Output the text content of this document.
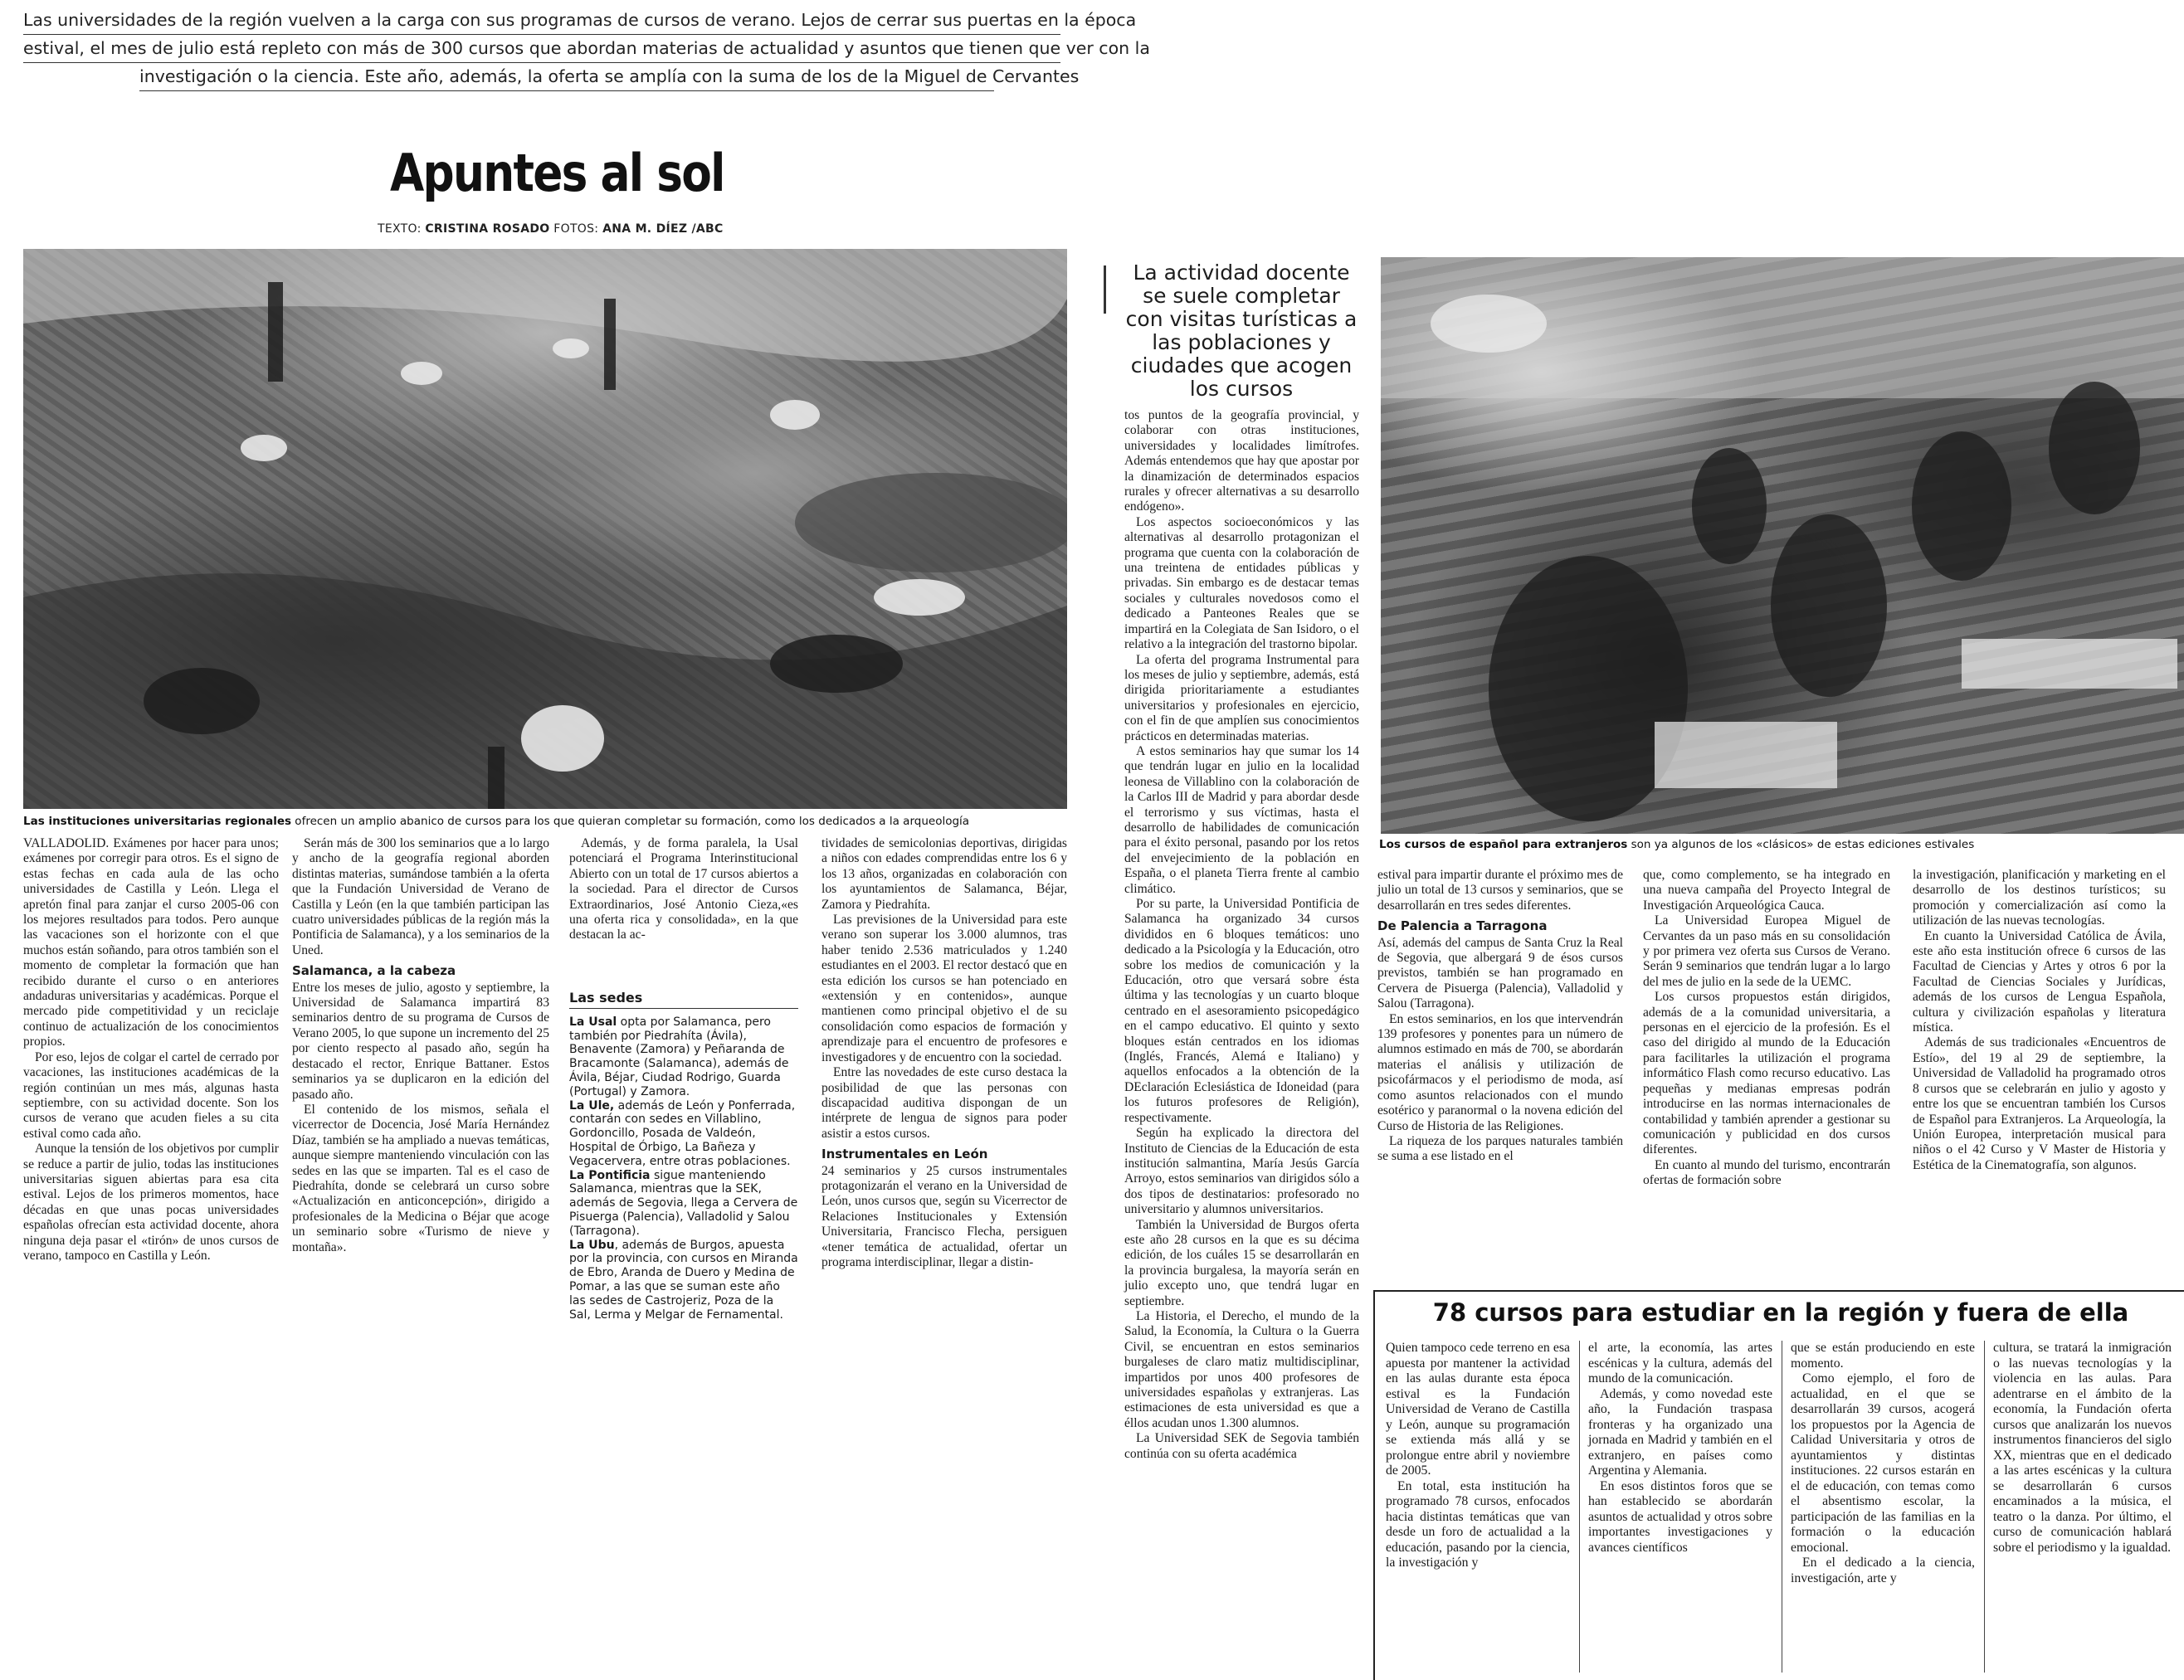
Las universidades de la región vuelven a la carga con sus programas de cursos de verano. Lejos de cerrar sus puertas en la época
estival, el mes de julio está repleto con más de 300 cursos que abordan materias de actualidad y asuntos que tienen que ver con la
investigación o la ciencia. Este año, además, la oferta se amplía con la suma de los de la Miguel de Cervantes
Apuntes al sol
TEXTO: CRISTINA ROSADO FOTOS: ANA M. DÍEZ /ABC
Las instituciones universitarias regionales ofrecen un amplio abanico de cursos para los que quieran completar su formación, como los dedicados a la arqueología
Los cursos de español para extranjeros son ya algunos de los «clásicos» de estas ediciones estivales
La actividad docente se suele completar con visitas turísticas a las poblaciones y ciudades que acogen los cursos

VALLADOLID. Exámenes por hacer para unos; exámenes por corregir para otros. Es el signo de estas fechas en cada aula de las ocho universidades de Castilla y León. Llega el apretón final para zanjar el curso 2005-06 con los mejores resultados para todos. Pero aunque las vacaciones son el horizonte con el que muchos están soñando, para otros también son el momento de completar la formación que han recibido durante el curso o en anteriores andaduras universitarias y académicas. Porque el mercado pide competitividad y un reciclaje continuo de actualización de los conocimientos propios.

Por eso, lejos de colgar el cartel de cerrado por vacaciones, las instituciones académicas de la región continúan un mes más, algunas hasta septiembre, con su actividad docente. Son los cursos de verano que acuden fieles a su cita estival como cada año.

Aunque la tensión de los objetivos por cumplir se reduce a partir de julio, todas las instituciones universitarias siguen abiertas para esa cita estival. Lejos de los primeros momentos, hace décadas en que unas pocas universidades españolas ofrecían esta actividad docente, ahora ninguna deja pasar el «tirón» de unos cursos de verano, tampoco en Castilla y León.

Serán más de 300 los seminarios que a lo largo y ancho de la geografía regional aborden distintas materias, sumándose también a la oferta que la Fundación Universidad de Verano de Castilla y León (en la que también participan las cuatro universidades públicas de la región más la Pontificia de Salamanca), y a los seminarios de la Uned.

Salamanca, a la cabeza

Entre los meses de julio, agosto y septiembre, la Universidad de Salamanca impartirá 83 seminarios dentro de su programa de Cursos de Verano 2005, lo que supone un incremento del 25 por ciento respecto al pasado año, según ha destacado el rector, Enrique Battaner. Estos seminarios ya se duplicaron en la edición del pasado año.

El contenido de los mismos, señala el vicerrector de Docencia, José María Hernández Díaz, también se ha ampliado a nuevas temáticas, aunque siempre manteniendo vinculación con las sedes en las que se imparten. Tal es el caso de Piedrahíta, donde se celebrará un curso sobre «Actualización en anticoncepción», dirigido a profesionales de la Medicina o Béjar que acoge un seminario sobre «Turismo de nieve y montaña».

Además, y de forma paralela, la Usal potenciará el Programa Interinstitucional Abierto con un total de 17 cursos abiertos a la sociedad. Para el director de Cursos Extraordinarios, José Antonio Cieza,«es una oferta rica y consolidada», en la que destacan la ac-

Las sedes

La Usal opta por Salamanca, pero también por Piedrahíta (Ávila), Benavente (Zamora) y Peñaranda de Bracamonte (Salamanca), además de Ávila, Béjar, Ciudad Rodrigo, Guarda (Portugal) y Zamora.

La Ule, además de León y Ponferrada, contarán con sedes en Villablino, Gordoncillo, Posada de Valdeón, Hospital de Órbigo, La Bañeza y Vegacervera, entre otras poblaciones.

La Pontificia sigue manteniendo Salamanca, mientras que la SEK, además de Segovia, llega a Cervera de Pisuerga (Palencia), Valladolid y Salou (Tarragona).

La Ubu, además de Burgos, apuesta por la provincia, con cursos en Miranda de Ebro, Aranda de Duero y Medina de Pomar, a las que se suman este año las sedes de Castrojeriz, Poza de la Sal, Lerma y Melgar de Fernamental.

tividades de semicolonias deportivas, dirigidas a niños con edades comprendidas entre los 6 y los 13 años, organizadas en colaboración con los ayuntamientos de Salamanca, Béjar, Zamora y Piedrahíta.

Las previsiones de la Universidad para este verano son superar los 3.000 alumnos, tras haber tenido 2.536 matriculados y 1.240 estudiantes en el 2003. El rector destacó que en esta edición los cursos se han potenciado en «extensión y en contenidos», aunque mantienen como principal objetivo el de su consolidación como espacios de formación y aprendizaje para el encuentro de profesores e investigadores y de encuentro con la sociedad.

Entre las novedades de este curso destaca la posibilidad de que las personas con discapacidad auditiva dispongan de un intérprete de lengua de signos para poder asistir a estos cursos.

Instrumentales en León

24 seminarios y 25 cursos instrumentales protagonizarán el verano en la Universidad de León, unos cursos que, según su Vicerrector de Relaciones Institucionales y Extensión Universitaria, Francisco Flecha, persiguen «tener temática de actualidad, ofertar un programa interdisciplinar, llegar a distin-

tos puntos de la geografía provincial, y colaborar con otras instituciones, universidades y localidades limítrofes. Además entendemos que hay que apostar por la dinamización de determinados espacios rurales y ofrecer alternativas a su desarrollo endógeno».

Los aspectos socioeconómicos y las alternativas al desarrollo protagonizan el programa que cuenta con la colaboración de una treintena de entidades públicas y privadas. Sin embargo es de destacar temas sociales y culturales novedosos como el dedicado a Panteones Reales que se impartirá en la Colegiata de San Isidoro, o el relativo a la integración del trastorno bipolar.

La oferta del programa Instrumental para los meses de julio y septiembre, además, está dirigida prioritariamente a estudiantes universitarios y profesionales en ejercicio, con el fin de que amplíen sus conocimientos prácticos en determinadas materias.

A estos seminarios hay que sumar los 14 que tendrán lugar en julio en la localidad leonesa de Villablino con la colaboración de la Carlos III de Madrid y para abordar desde el terrorismo y sus víctimas, hasta el desarrollo de habilidades de comunicación para el éxito personal, pasando por los retos del envejecimiento de la población en España, o el planeta Tierra frente al cambio climático.

Por su parte, la Universidad Pontificia de Salamanca ha organizado 34 cursos divididos en 6 bloques temáticos: uno dedicado a la Psicología y la Educación, otro sobre los medios de comunicación y la Educación, otro que versará sobre ésta última y las tecnologías y un cuarto bloque centrado en el asesoramiento psicopedágico en el campo educativo. El quinto y sexto bloques están centrados en los idiomas (Inglés, Francés, Alemá e Italiano) y aquellos enfocados a la obtención de la DEclaración Eclesiástica de Idoneidad (para los futuros profesores de Religión), respectivamente.

Según ha explicado la directora del Instituto de Ciencias de la Educación de esta institución salmantina, María Jesús García Arroyo, estos seminarios van dirigidos sólo a dos tipos de destinatarios: profesorado no universitario y alumnos universitarios.

También la Universidad de Burgos oferta este año 28 cursos en la que es su décima edición, de los cuáles 15 se desarrollarán en la provincia burgalesa, la mayoría serán en julio excepto uno, que tendrá lugar en septiembre.

La Historia, el Derecho, el mundo de la Salud, la Economía, la Cultura o la Guerra Civil, se encuentran en estos seminarios burgaleses de claro matiz multidisciplinar, impartidos por unos 400 profesores de universidades españolas y extranjeras. Las estimaciones de esta universidad es que a éllos acudan unos 1.300 alumnos.

La Universidad SEK de Segovia también continúa con su oferta académica

estival para impartir durante el próximo mes de julio un total de 13 cursos y seminarios, que se desarrollarán en tres sedes diferentes.

De Palencia a Tarragona

Así, además del campus de Santa Cruz la Real de Segovia, que albergará 9 de ésos cursos previstos, también se han programado en Cervera de Pisuerga (Palencia), Valladolid y Salou (Tarragona).

En estos seminarios, en los que intervendrán 139 profesores y ponentes para un número de alumnos estimado en más de 700, se abordarán materias el análisis y utilización de psicofármacos y el periodismo de moda, así como asuntos relacionados con el mundo esotérico y paranormal o la novena edición del Curso de Historia de las Religiones.

La riqueza de los parques naturales también se suma a ese listado en el

que, como complemento, se ha integrado en una nueva campaña del Proyecto Integral de Investigación Arqueológica Cauca.

La Universidad Europea Miguel de Cervantes da un paso más en su consolidación y por primera vez oferta sus Cursos de Verano. Serán 9 seminarios que tendrán lugar a lo largo del mes de julio en la sede de la UEMC.

Los cursos propuestos están dirigidos, además de a la comunidad universitaria, a personas en el ejercicio de la profesión. Es el caso del dirigido al mundo de la Educación para facilitarles la utilización el programa informático Flash como recurso educativo. Las pequeñas y medianas empresas podrán introducirse en las normas internacionales de contabilidad y también aprender a gestionar su comunicación y publicidad en dos cursos diferentes.

En cuanto al mundo del turismo, encontrarán ofertas de formación sobre

la investigación, planificación y marketing en el desarrollo de los destinos turísticos; su promoción y comercialización así como la utilización de las nuevas tecnologías.

En cuanto la Universidad Católica de Ávila, este año esta institución ofrece 6 cursos de las Facultad de Ciencias y Artes y otros 6 por la Facultad de Ciencias Sociales y Jurídicas, además de los cursos de Lengua Española, cultura y civilización españolas y literatura mística.

Además de sus tradicionales «Encuentros de Estío», del 19 al 29 de septiembre, la Universidad de Valladolid ha programado otros 8 cursos que se celebrarán en julio y agosto y entre los que se encuentran también los Cursos de Español para Extranjeros. La Arqueología, la Unión Europea, interpretación musical para niños o el 42 Curso y V Master de Historia y Estética de la Cinematografía, son algunos.

78 cursos para estudiar en la región y fuera de ella

Quien tampoco cede terreno en esa apuesta por mantener la actividad en las aulas durante esta época estival es la Fundación Universidad de Verano de Castilla y León, aunque su programación se extienda más allá y se prolongue entre abril y noviembre de 2005.

En total, esta institución ha programado 78 cursos, enfocados hacia distintas temáticas que van desde un foro de actualidad a la educación, pasando por la ciencia, la investigación y

el arte, la economía, las artes escénicas y la cultura, además del mundo de la comunicación.

Además, y como novedad este año, la Fundación traspasa fronteras y ha organizado una jornada en Madrid y también en el extranjero, en países como Argentina y Alemania.

En esos distintos foros que se han establecido se abordarán asuntos de actualidad y otros sobre importantes investigaciones y avances científicos

que se están produciendo en este momento.

Como ejemplo, el foro de actualidad, en el que se desarrollarán 39 cursos, acogerá los propuestos por la Agencia de Calidad Universitaria y otros de ayuntamientos y distintas instituciones. 22 cursos estarán en el de educación, con temas como el absentismo escolar, la participación de las familias en la formación o la educación emocional.

En el dedicado a la ciencia, investigación, arte y

cultura, se tratará la inmigración o las nuevas tecnologías y la violencia en las aulas. Para adentrarse en el ámbito de la economía, la Fundación oferta cursos que analizarán los nuevos instrumentos financieros del siglo XX, mientras que en el dedicado a las artes escénicas y la cultura se desarrollarán 6 cursos encaminados a la música, el teatro o la danza. Por último, el curso de comunicación hablará sobre el periodismo y la igualdad.
